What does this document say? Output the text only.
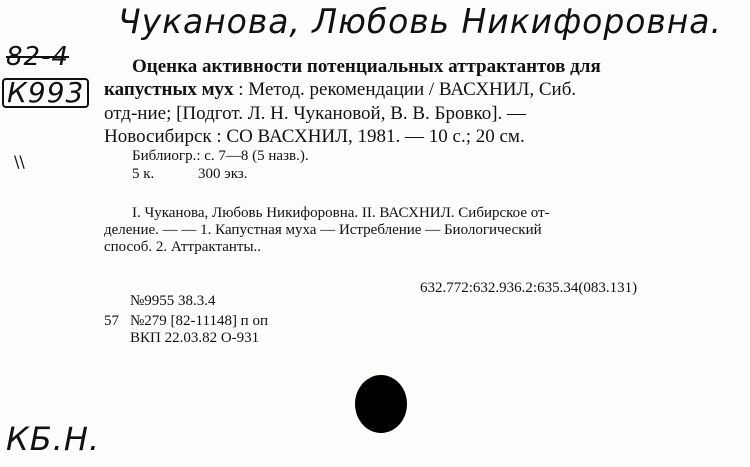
Чуканова, Любовь Никифоровна.
82-4
К993
\\
КБ.Н.
Оценка активности потенциальных аттрактантов для
капустных мух : Метод. рекомендации / ВАСХНИЛ, Сиб.
отд-ние; [Подгот. Л. Н. Чукановой, В. В. Бровко]. —
Новосибирск : СО ВАСХНИЛ, 1981. — 10 с.; 20 см.
Библиогр.: с. 7—8 (5 назв.).
5 к.	300 экз.
I. Чуканова, Любовь Никифоровна. II. ВАСХНИЛ. Сибирское от-
деление. — — 1. Капустная муха — Истребление — Биологический
способ. 2. Аттрактанты..
632.772:632.936.2:635.34(083.131)
№9955 38.3.4
57 №279 [82-11148] п оп
ВКП 22.03.82 О-931
